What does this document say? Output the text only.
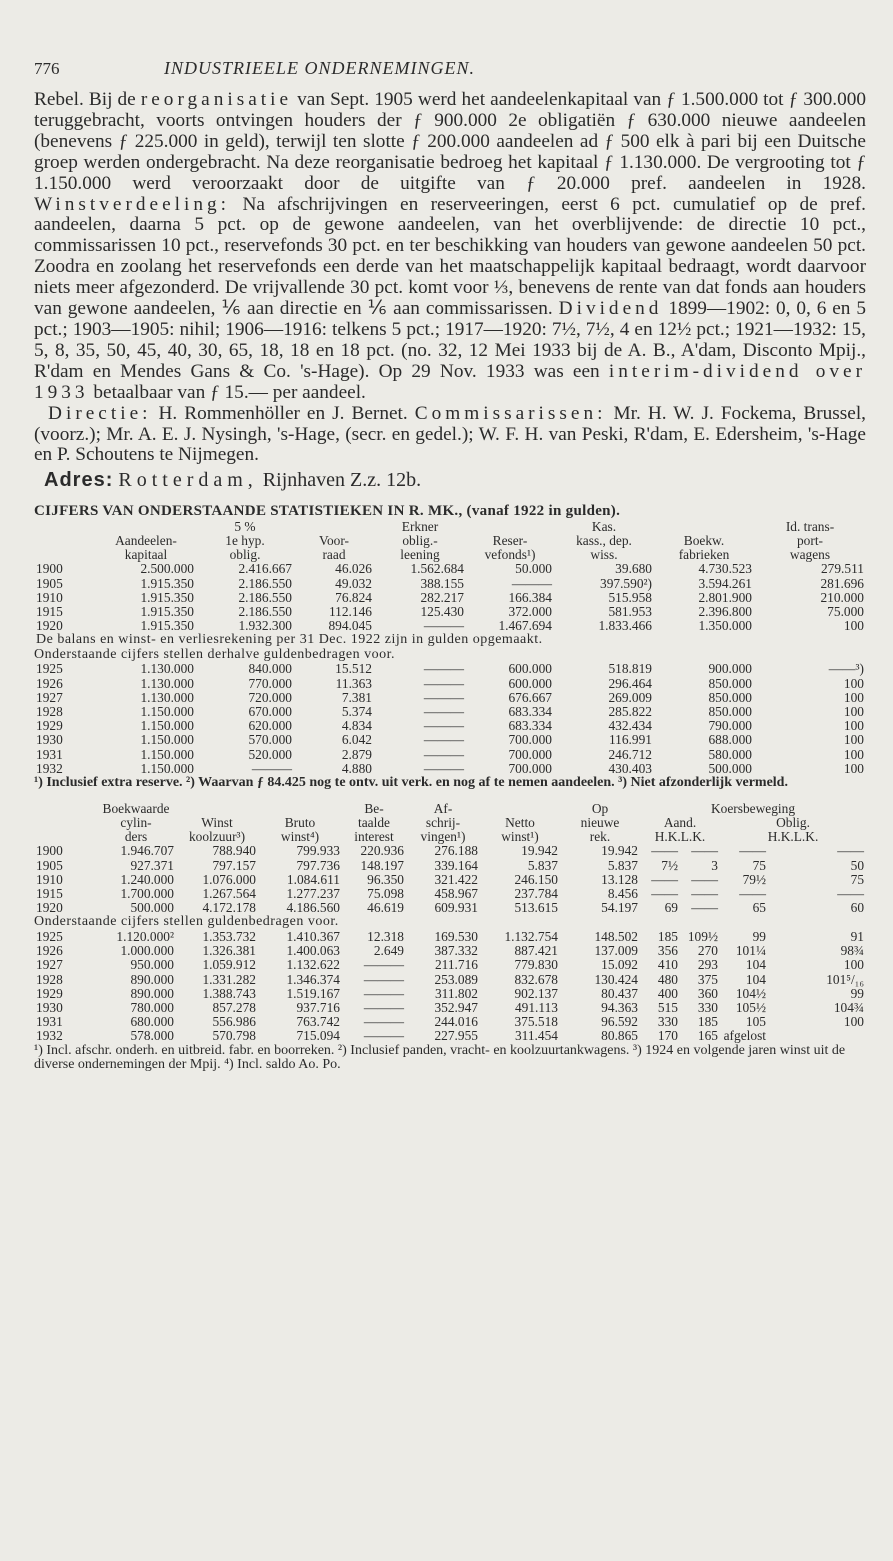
776	INDUSTRIEELE ONDERNEMINGEN.

Rebel. Bij de reorganisatie van Sept. 1905 werd het aandeelenkapitaal van ƒ 1.500.000 tot ƒ 300.000 teruggebracht, voorts ontvingen houders der ƒ 900.000 2e obligatiën ƒ 630.000 nieuwe aandeelen (benevens ƒ 225.000 in geld), terwijl ten slotte ƒ 200.000 aandeelen ad ƒ 500 elk à pari bij een Duitsche groep werden ondergebracht. Na deze reorganisatie bedroeg het kapitaal ƒ 1.130.000. De vergrooting tot ƒ 1.150.000 werd veroorzaakt door de uitgifte van ƒ 20.000 pref. aandeelen in 1928. Winstverdeeling: Na afschrijvingen en reserveeringen, eerst 6 pct. cumulatief op de pref. aandeelen, daarna 5 pct. op de gewone aandeelen, van het overblijvende: de directie 10 pct., commissarissen 10 pct., reservefonds 30 pct. en ter beschikking van houders van gewone aandeelen 50 pct. Zoodra en zoolang het reservefonds een derde van het maatschappelijk kapitaal bedraagt, wordt daarvoor niets meer afgezonderd. De vrijvallende 30 pct. komt voor ⅓, benevens de rente van dat fonds aan houders van gewone aandeelen, ⅙ aan directie en ⅙ aan commissarissen. Dividend 1899—1902: 0, 0, 6 en 5 pct.; 1903—1905: nihil; 1906—1916: telkens 5 pct.; 1917—1920: 7½, 7½, 4 en 12½ pct.; 1921—1932: 15, 5, 8, 35, 50, 45, 40, 30, 65, 18, 18 en 18 pct. (no. 32, 12 Mei 1933 bij de A. B., A'dam, Disconto Mpij., R'dam en Mendes Gans & Co. 's-Hage). Op 29 Nov. 1933 was een interim-dividend over 1933 betaalbaar van ƒ 15.— per aandeel.
Directie: H. Rommenhöller en J. Bernet. Commissarissen: Mr. H. W. J. Fockema, Brussel, (voorz.); Mr. A. E. J. Nysingh, 's-Hage, (secr. en gedel.); W. F. H. van Peski, R'dam, E. Edersheim, 's-Hage en P. Schoutens te Nijmegen.

Adres: Rotterdam, Rijnhaven Z.z. 12b.
CIJFERS VAN ONDERSTAANDE STATISTIEKEN IN R. MK., (vanaf 1922 in gulden).
		5 %		Erkner		Kas.		Id. trans-
	Aandeelen-	1e hyp.	Voor-	oblig.-	Reser-	kass., dep.	Boekw.	port-
	kapitaal	oblig.	raad	leening	vefonds¹)	wiss.	fabrieken	wagens
1900	2.500.000	2.416.667	46.026	1.562.684	50.000	39.680	4.730.523	279.511
1905	1.915.350	2.186.550	49.032	388.155	———	397.590²)	3.594.261	281.696
1910	1.915.350	2.186.550	76.824	282.217	166.384	515.958	2.801.900	210.000
1915	1.915.350	2.186.550	112.146	125.430	372.000	581.953	2.396.800	75.000
1920	1.915.350	1.932.300	894.045	———	1.467.694	1.833.466	1.350.000	100
De balans en winst- en verliesrekening per 31 Dec. 1922 zijn in gulden opgemaakt.
Onderstaande cijfers stellen derhalve guldenbedragen voor.
1925	1.130.000	840.000	15.512	———	600.000	518.819	900.000	——³)
1926	1.130.000	770.000	11.363	———	600.000	296.464	850.000	100
1927	1.130.000	720.000	7.381	———	676.667	269.009	850.000	100
1928	1.150.000	670.000	5.374	———	683.334	285.822	850.000	100
1929	1.150.000	620.000	4.834	———	683.334	432.434	790.000	100
1930	1.150.000	570.000	6.042	———	700.000	116.991	688.000	100
1931	1.150.000	520.000	2.879	———	700.000	246.712	580.000	100
1932	1.150.000	———	4.880	———	700.000	430.403	500.000	100
¹) Inclusief extra reserve. ²) Waarvan ƒ 84.425 nog te ontv. uit verk. en nog af te nemen aandeelen. ³) Niet afzonderlijk vermeld.
	Boekwaarde			Be-	Af-		Op	Koersbeweging			
	cylin-	Winst	Bruto	taalde	schrij-	Netto	nieuwe	Aand.		Oblig.	
	ders	koolzuur³)	winst⁴)	interest	vingen¹)	winst¹)	rek.	H.K.L.K.		H.K.L.K.	
1900	1.946.707	788.940	799.933	220.936	276.188	19.942	19.942	——	——	——	——
1905	927.371	797.157	797.736	148.197	339.164	5.837	5.837	7½	3	75	50
1910	1.240.000	1.076.000	1.084.611	96.350	321.422	246.150	13.128	——	——	79½	75
1915	1.700.000	1.267.564	1.277.237	75.098	458.967	237.784	8.456	——	——	——	——
1920	500.000	4.172.178	4.186.560	46.619	609.931	513.615	54.197	69	——	65	60
Onderstaande cijfers stellen guldenbedragen voor.
1925	1.120.000²	1.353.732	1.410.367	12.318	169.530	1.132.754	148.502	185	109½	99	91
1926	1.000.000	1.326.381	1.400.063	2.649	387.332	887.421	137.009	356	270	101¼	98¾
1927	950.000	1.059.912	1.132.622	———	211.716	779.830	15.092	410	293	104	100
1928	890.000	1.331.282	1.346.374	———	253.089	832.678	130.424	480	375	104	101⁵/₁₆
1929	890.000	1.388.743	1.519.167	———	311.802	902.137	80.437	400	360	104½	99
1930	780.000	857.278	937.716	———	352.947	491.113	94.363	515	330	105½	104¾
1931	680.000	556.986	763.742	———	244.016	375.518	96.592	330	185	105	100
1932	578.000	570.798	715.094	———	227.955	311.454	80.865	170	165	afgelost	
¹) Incl. afschr. onderh. en uitbreid. fabr. en boorreken. ²) Inclusief panden, vracht- en koolzuurtankwagens. ³) 1924 en volgende jaren winst uit de diverse ondernemingen der Mpij. ⁴) Incl. saldo Ao. Po.
